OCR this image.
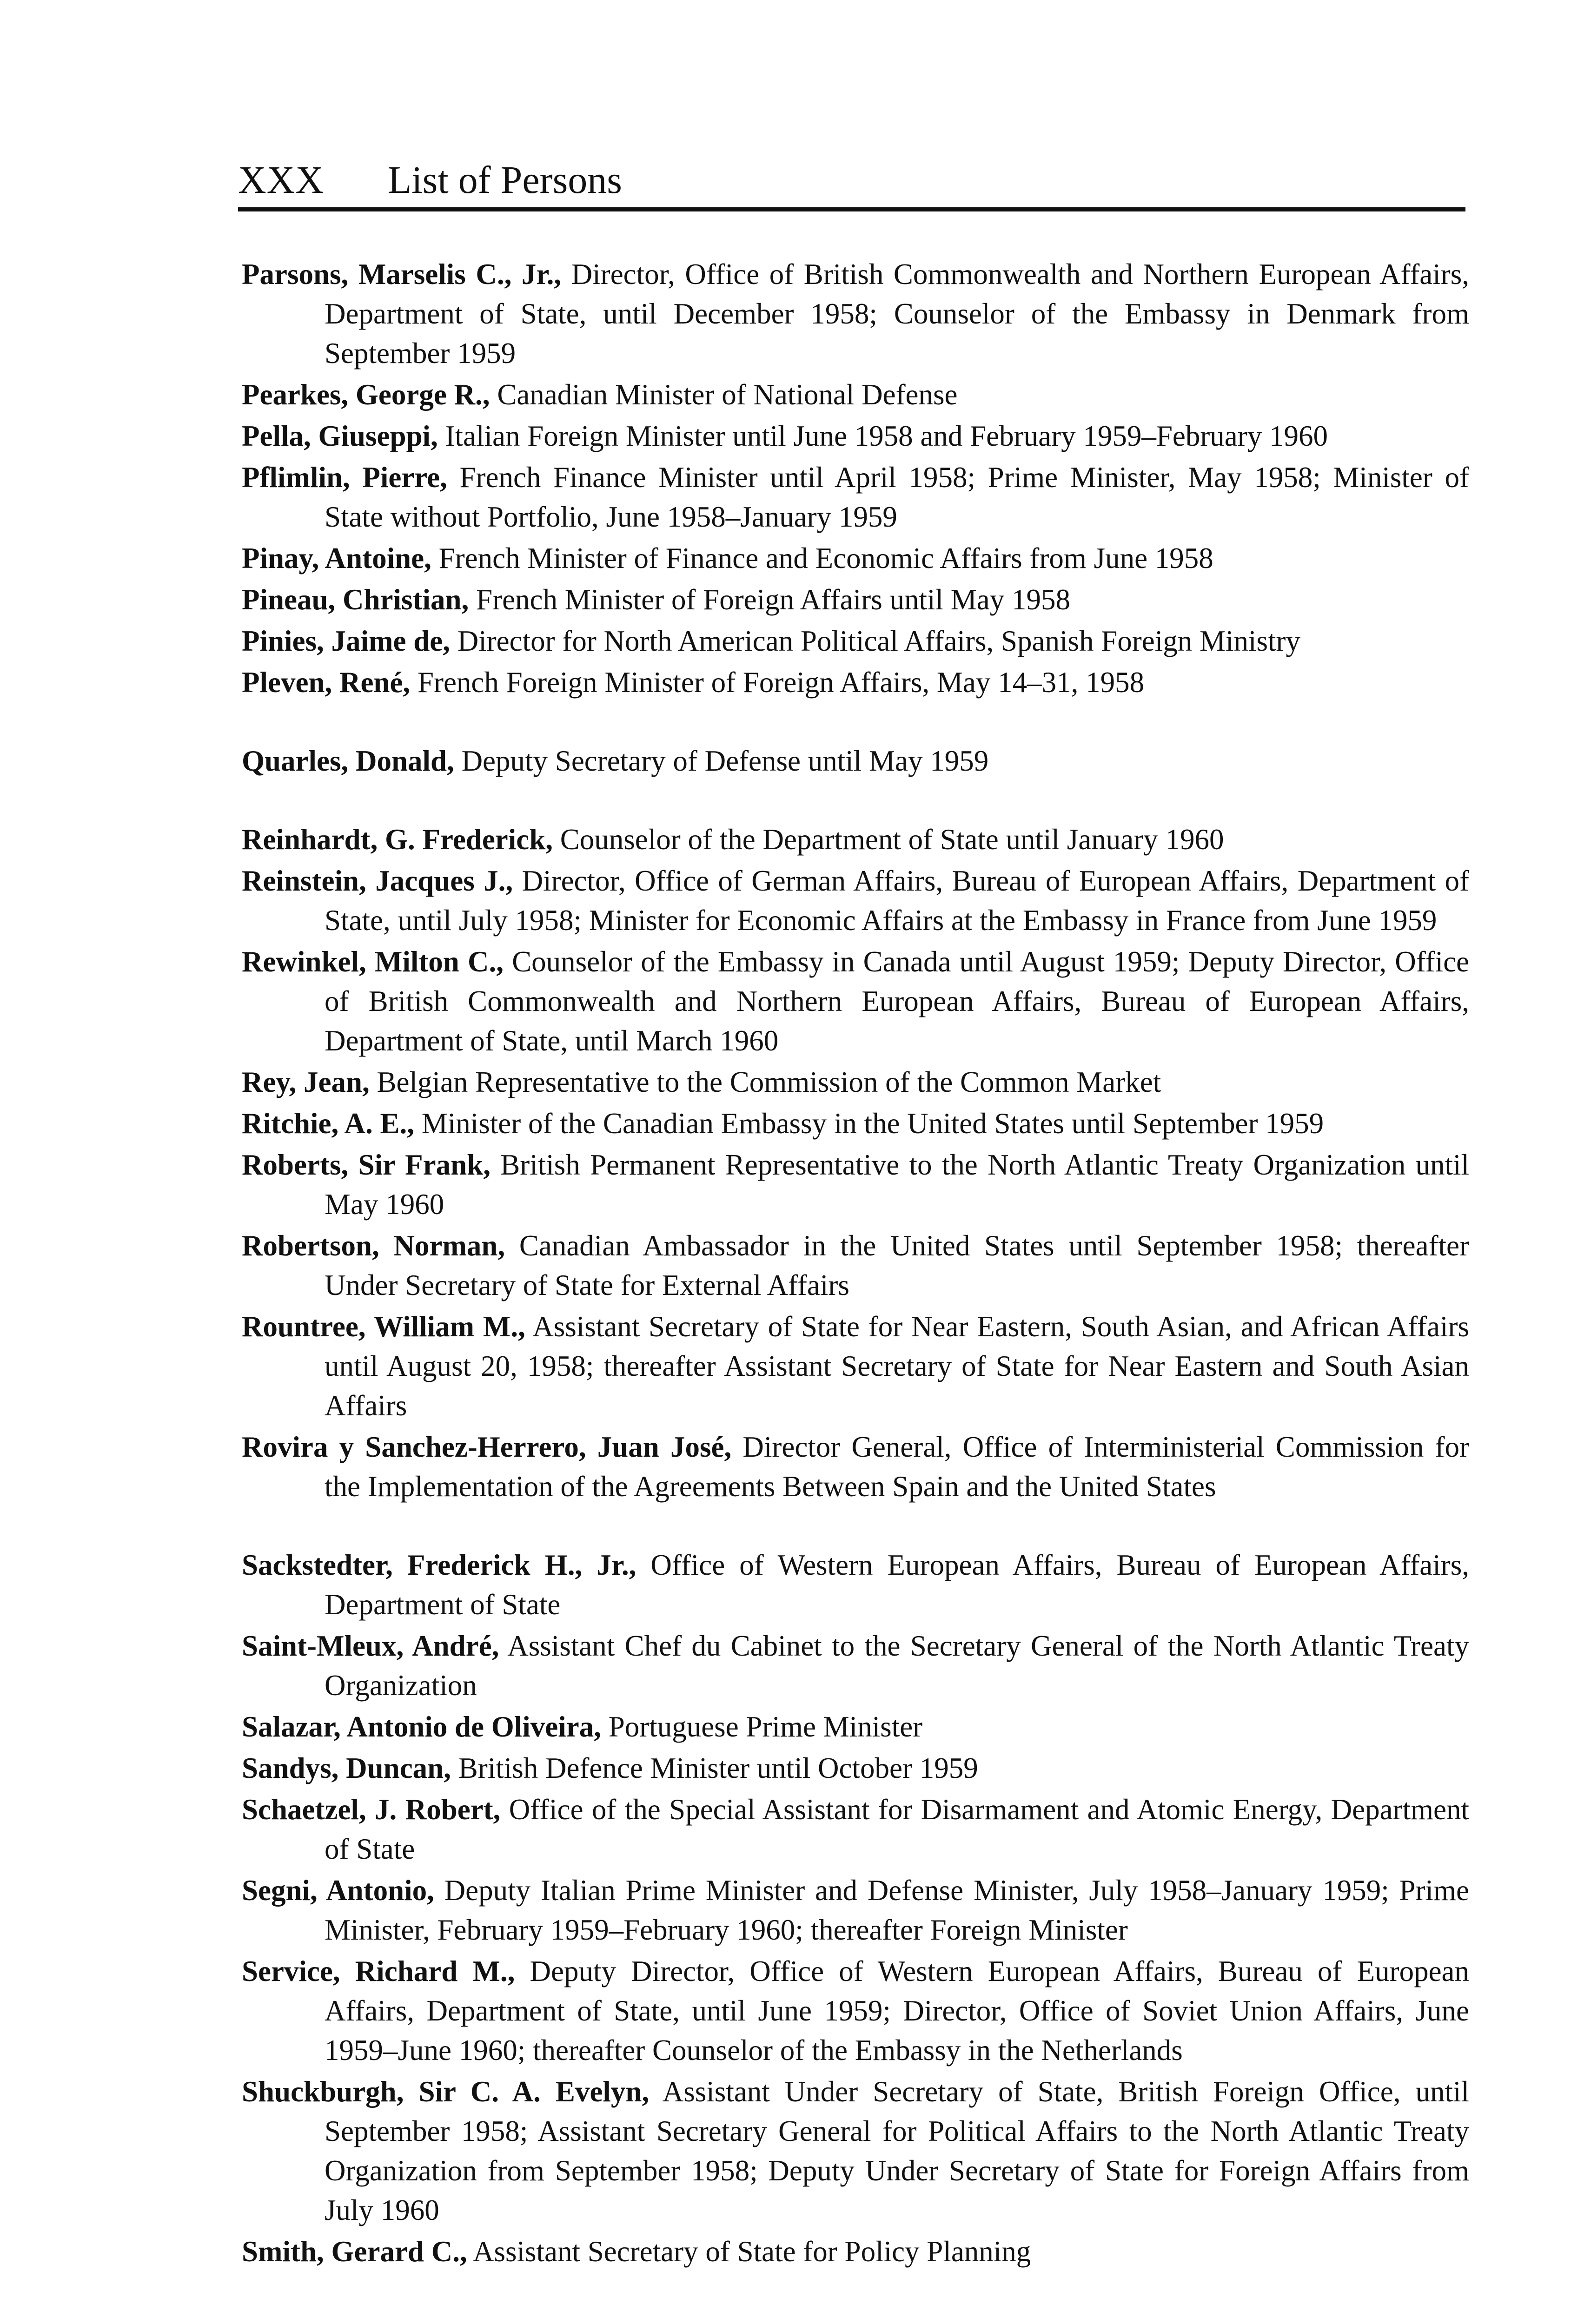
XXX List of Persons

Parsons, Marselis C., Jr., Director, Office of British Commonwealth and Northern European Affairs, Department of State, until December 1958; Counselor of the Embassy in Denmark from September 1959

Pearkes, George R., Canadian Minister of National Defense

Pella, Giuseppi, Italian Foreign Minister until June 1958 and February 1959–February 1960

Pflimlin, Pierre, French Finance Minister until April 1958; Prime Minister, May 1958; Minister of State without Portfolio, June 1958–January 1959

Pinay, Antoine, French Minister of Finance and Economic Affairs from June 1958

Pineau, Christian, French Minister of Foreign Affairs until May 1958

Pinies, Jaime de, Director for North American Political Affairs, Spanish Foreign Ministry

Pleven, René, French Foreign Minister of Foreign Affairs, May 14–31, 1958

Quarles, Donald, Deputy Secretary of Defense until May 1959

Reinhardt, G. Frederick, Counselor of the Department of State until January 1960

Reinstein, Jacques J., Director, Office of German Affairs, Bureau of European Affairs, Department of State, until July 1958; Minister for Economic Affairs at the Embassy in France from June 1959

Rewinkel, Milton C., Counselor of the Embassy in Canada until August 1959; Deputy Director, Office of British Commonwealth and Northern European Affairs, Bureau of European Affairs, Department of State, until March 1960

Rey, Jean, Belgian Representative to the Commission of the Common Market

Ritchie, A. E., Minister of the Canadian Embassy in the United States until September 1959

Roberts, Sir Frank, British Permanent Representative to the North Atlantic Treaty Organization until May 1960

Robertson, Norman, Canadian Ambassador in the United States until September 1958; thereafter Under Secretary of State for External Affairs

Rountree, William M., Assistant Secretary of State for Near Eastern, South Asian, and African Affairs until August 20, 1958; thereafter Assistant Secretary of State for Near Eastern and South Asian Affairs

Rovira y Sanchez-Herrero, Juan José, Director General, Office of Interministerial Commission for the Implementation of the Agreements Between Spain and the United States

Sackstedter, Frederick H., Jr., Office of Western European Affairs, Bureau of European Affairs, Department of State

Saint-Mleux, André, Assistant Chef du Cabinet to the Secretary General of the North Atlantic Treaty Organization

Salazar, Antonio de Oliveira, Portuguese Prime Minister

Sandys, Duncan, British Defence Minister until October 1959

Schaetzel, J. Robert, Office of the Special Assistant for Disarmament and Atomic Energy, Department of State

Segni, Antonio, Deputy Italian Prime Minister and Defense Minister, July 1958–January 1959; Prime Minister, February 1959–February 1960; thereafter Foreign Minister

Service, Richard M., Deputy Director, Office of Western European Affairs, Bureau of European Affairs, Department of State, until June 1959; Director, Office of Soviet Union Affairs, June 1959–June 1960; thereafter Counselor of the Embassy in the Netherlands

Shuckburgh, Sir C. A. Evelyn, Assistant Under Secretary of State, British Foreign Office, until September 1958; Assistant Secretary General for Political Affairs to the North Atlantic Treaty Organization from September 1958; Deputy Under Secretary of State for Foreign Affairs from July 1960

Smith, Gerard C., Assistant Secretary of State for Policy Planning
